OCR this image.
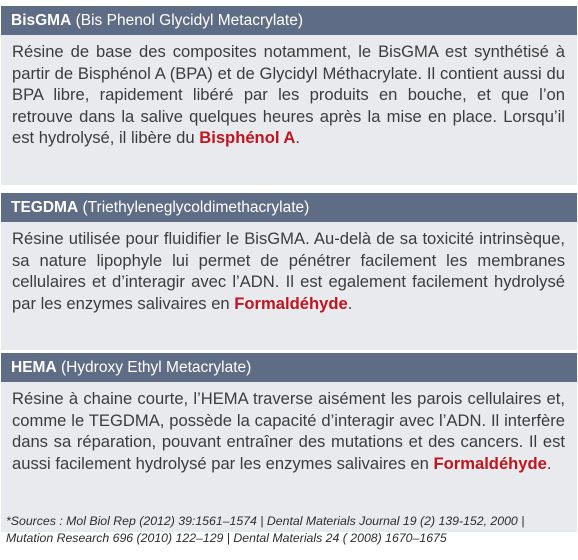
BisGMA (Bis Phenol Glycidyl Metacrylate)
Résine de base des composites notamment, le BisGMA est synthétisé à partir de Bisphénol A (BPA) et de Glycidyl Méthacrylate. Il contient aussi du BPA libre, rapidement libéré par les produits en bouche, et que l’on retrouve dans la salive quelques heures après la mise en place. Lorsqu’il est hydrolysé, il libère du Bisphénol A.
TEGDMA (Triethyleneglycoldimethacrylate)
Résine utilisée pour fluidifier le BisGMA. Au-delà de sa toxicité intrinsèque, sa nature lipophyle lui permet de pénétrer facilement les membranes cellulaires et d’interagir avec l’ADN. Il est egalement facilement hydrolysé par les enzymes salivaires en Formaldéhyde.
HEMA (Hydroxy Ethyl Metacrylate)
Résine à chaine courte, l’HEMA traverse aisément les parois cellulaires et, comme le TEGDMA, possède la capacité d’interagir avec l’ADN. Il interfère dans sa réparation, pouvant entraîner des mutations et des cancers. Il est aussi facilement hydrolysé par les enzymes salivaires en Formaldéhyde.
*Sources : Mol Biol Rep (2012) 39:1561–1574 | Dental Materials Journal 19 (2) 139-152, 2000 | Mutation Research 696 (2010) 122–129 | Dental Materials 24 ( 2008) 1670–1675
